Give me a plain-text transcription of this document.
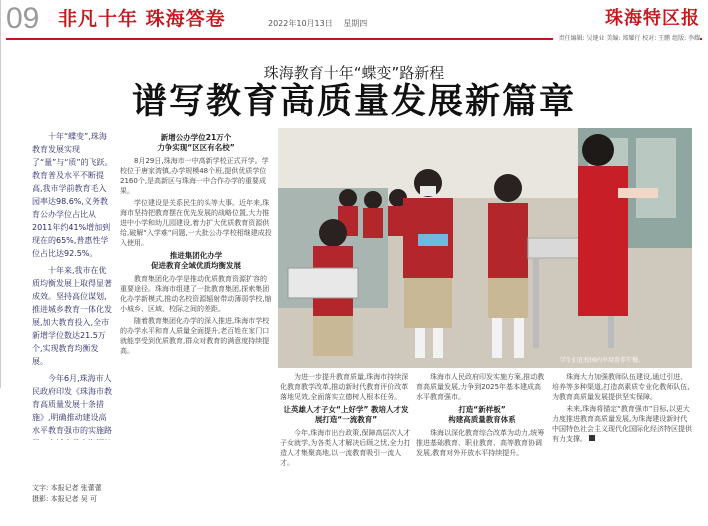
09 非凡十年 珠海答卷	2022年10月13日 星期四	珠海特区报
责任编辑: 吴键业 美编: 郑耀行 校对: 王鹏 组版: 李耀
珠海教育十年“蝶变”路新程
谱写教育高质量发展新篇章

十年“蝶变”,珠海教育发展实现了“量”与“质”的飞跃。教育普及水平不断提高,我市学前教育毛入园率达98.6%,义务教育公办学位占比从2011年约41%增加到现在的65%,普惠性学位占比达92.5%。

十年来,我市在优质均衡发展上取得显著成效。坚持高位谋划,推进城乡教育一体化发展,加大教育投入,全市新增学位数达21.5万个,实现教育均衡发展。

今年6月,珠海市人民政府印发《珠海市教育高质量发展十条措施》,明确推动建设高水平教育强市的实施路

文字: 本报记者 张蕾蕾
摄影: 本报记者 吴 可
新增公办学位21万个
力争实现“区区有名校”

8月29日,珠海市一中高新学校正式开学。学校位于唐家湾镇,办学规模48个班,提供优质学位2160个,是高新区与珠海一中合作办学的重要成果。

学位建设是关系民生的头等大事。近年来,珠海市坚持把教育摆在优先发展的战略位置,大力推进中小学和幼儿园建设,着力扩大优质教育资源供给,破解“入学难”问题,一大批公办学校相继建成投入使用。

推进集团化办学
促进教育全域优质均衡发展

教育集团化办学是推动优质教育资源扩容的重要途径。珠海市组建了一批教育集团,探索集团化办学新模式,推动名校资源辐射带动薄弱学校,缩小城乡、区域、校际之间的差距。

随着教育集团化办学的深入推进,珠海市学校的办学水平和育人质量全面提升,老百姓在家门口就能享受到优质教育,群众对教育的满意度持续提高。

学生们在校园内享用营养午餐。

为进一步提升教育质量,珠海市持续深化教育教学改革,推动新时代教育评价改革落地见效,全面落实立德树人根本任务。

让英雄人才子女“上好学” 教培人才发展打造“一流教育”

今年,珠海市出台政策,保障高层次人才子女就学,为各类人才解决后顾之忧,全力打造人才集聚高地,以一流教育吸引一流人才。

珠海市人民政府印发实施方案,推动教育高质量发展,力争到2025年基本建成高水平教育强市。

打造“新样板”
构建高质量教育体系

珠海以深化教育综合改革为动力,统筹推进基础教育、职业教育、高等教育协调发展,教育对外开放水平持续提升。

珠海大力加强教师队伍建设,通过引进、培养等多种渠道,打造高素质专业化教师队伍,为教育高质量发展提供坚实保障。

未来,珠海将锚定“教育强市”目标,以更大力度推进教育高质量发展,为珠海建设新时代中国特色社会主义现代化国际化经济特区提供有力支撑。
